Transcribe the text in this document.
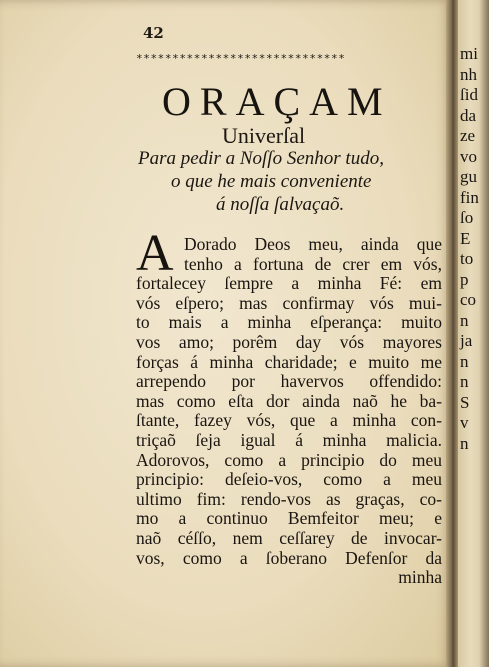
mi
nh
ſid
da
ze
vo
gu
fin
ſo
E
to
p
co
n
ja
n
n
S
v
n
42
*****************************
ORAÇAM
Univerſal
Para pedir a Noſſo Senhor tudo,
o que he mais conveniente
á noſſa ſalvaçaõ.
A Dorado Deos meu, ainda que
tenho a fortuna de crer em vós,
fortalecey ſempre a minha Fé: em
vós eſpero; mas confirmay vós mui-
to mais a minha eſperança: muito
vos amo; porêm day vós mayores
forças á minha charidade; e muito me
arrependo por havervos offendido:
mas como eſta dor ainda naõ he ba-
ſtante, fazey vós, que a minha con-
triçaõ ſeja igual á minha malicia.
Adorovos, como a principio do meu
principio: deſeio-vos, como a meu
ultimo fim: rendo-vos as graças, co-
mo a continuo Bemfeitor meu; e
naõ céſſo, nem ceſſarey de invocar-
vos, como a ſoberano Defenſor da
minha
